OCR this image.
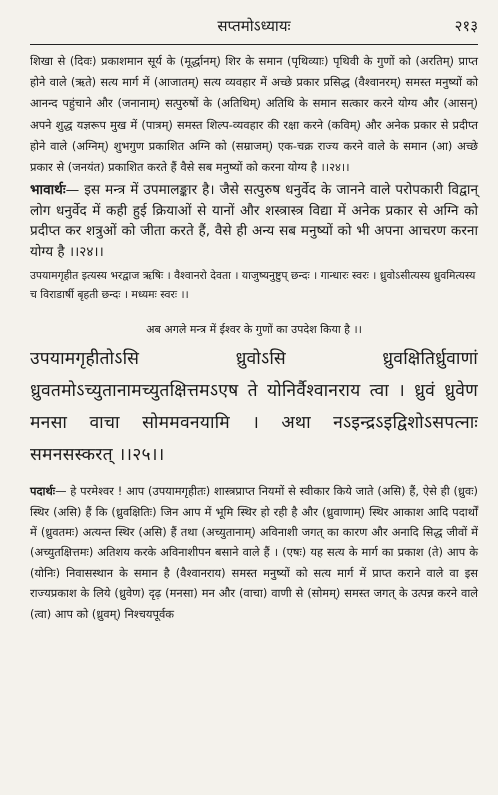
सप्तमोऽध्यायः	२१३

शिखा से (दिवः) प्रकाशमान सूर्य के (मूर्द्धानम्) शिर के समान (पृथिव्याः) पृथिवी के गुणों को (अरतिम्) प्राप्त होने वाले (ऋते) सत्य मार्ग में (आजातम्) सत्य व्यवहार में अच्छे प्रकार प्रसिद्ध (वैश्वानरम्) समस्त मनुष्यों को आनन्द पहुंचाने और (जनानाम्) सत्पुरुषों के (अतिथिम्) अतिथि के समान सत्कार करने योग्य और (आसन्) अपने शुद्ध यज्ञरूप मुख में (पात्रम्) समस्त शिल्प-व्यवहार की रक्षा करने (कविम्) और अनेक प्रकार से प्रदीप्त होने वाले (अग्निम्) शुभगुण प्रकाशित अग्नि को (सम्राजम्) एक-चक्र राज्य करने वाले के समान (आ) अच्छे प्रकार से (जनयंत) प्रकाशित करते हैं वैसे सब मनुष्यों को करना योग्य है ।।२४।।

भावार्थः— इस मन्त्र में उपमालङ्कार है। जैसे सत्पुरुष धनुर्वेद के जानने वाले परोपकारी विद्वान् लोग धनुर्वेद में कही हुई क्रियाओं से यानों और शस्त्रास्त्र विद्या में अनेक प्रकार से अग्नि को प्रदीप्त कर शत्रुओं को जीता करते हैं, वैसे ही अन्य सब मनुष्यों को भी अपना आचरण करना योग्य है ।।२४।।

उपयामगृहीत इत्यस्य भरद्वाज ऋषिः । वैश्वानरो देवता । याजुष्यनुष्टुप् छन्दः । गान्धारः स्वरः । ध्रुवोऽसीत्यस्य ध्रुवमित्यस्य च विराडार्षी बृहती छन्दः । मध्यमः स्वरः ।।

अब अगले मन्त्र में ईश्वर के गुणों का उपदेश किया है ।।

उपयामगृहीतोऽसि ध्रुवोऽसि ध्रुवक्षितिर्ध्रुवाणां ध्रुवतमोऽच्युतानामच्युतक्षित्तमऽएष ते योनिर्वैश्वानराय त्वा । ध्रुवं ध्रुवेण मनसा वाचा सोममवनयामि । अथा नऽइन्द्रऽइद्विशोऽसपत्नाः समनसस्करत् ।।२५।।

पदार्थः— हे परमेश्वर ! आप (उपयामगृहीतः) शास्त्रप्राप्त नियमों से स्वीकार किये जाते (असि) हैं, ऐसे ही (ध्रुवः) स्थिर (असि) हैं कि (ध्रुवक्षितिः) जिन आप में भूमि स्थिर हो रही है और (ध्रुवाणाम्) स्थिर आकाश आदि पदार्थों में (ध्रुवतमः) अत्यन्त स्थिर (असि) हैं तथा (अच्युतानाम्) अविनाशी जगत् का कारण और अनादि सिद्ध जीवों में (अच्युतक्षित्तमः) अतिशय करके अविनाशीपन बसाने वाले हैं । (एषः) यह सत्य के मार्ग का प्रकाश (ते) आप के (योनिः) निवासस्थान के समान है (वैश्वानराय) समस्त मनुष्यों को सत्य मार्ग में प्राप्त कराने वाले वा इस राज्यप्रकाश के लिये (ध्रुवेण) दृढ़ (मनसा) मन और (वाचा) वाणी से (सोमम्) समस्त जगत् के उत्पन्न करने वाले (त्वा) आप को (ध्रुवम्) निश्चयपूर्वक
